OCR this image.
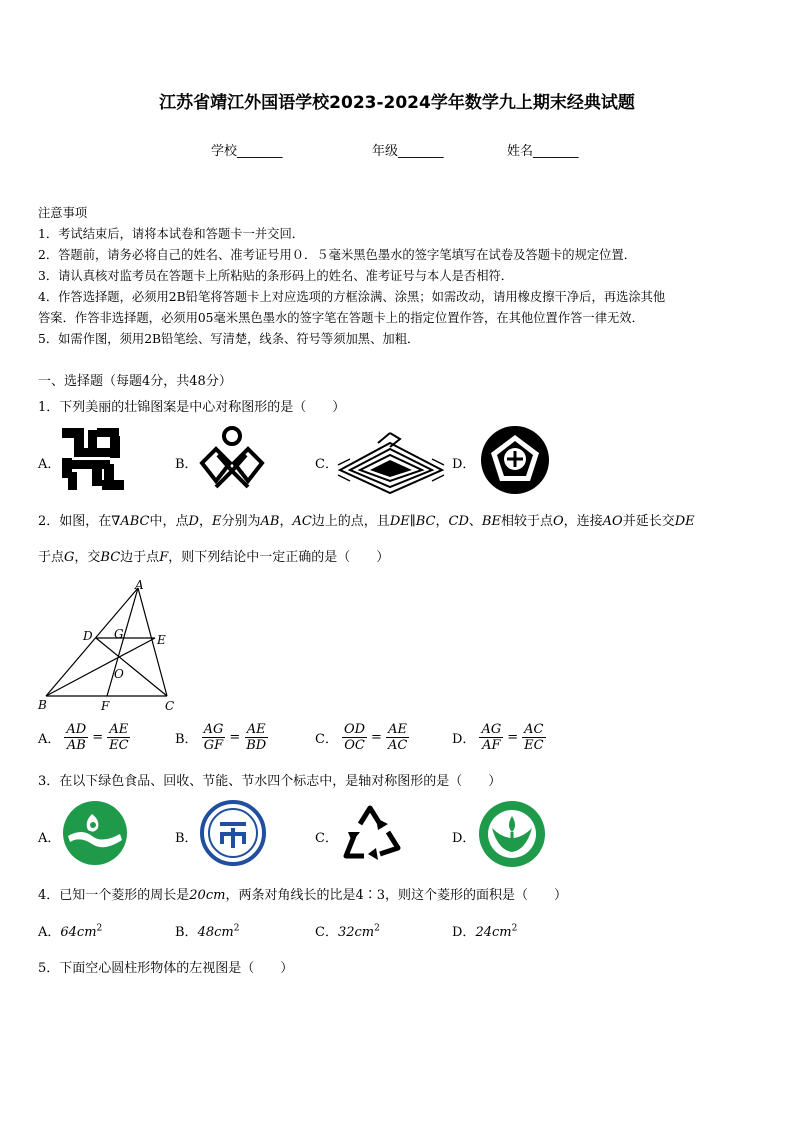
江苏省靖江外国语学校2023-2024学年数学九上期末经典试题
学校_______	年级_______	姓名_______
注意事项
1．考试结束后，请将本试卷和答题卡一并交回．
2．答题前，请务必将自己的姓名、准考证号用０．５毫米黑色墨水的签字笔填写在试卷及答题卡的规定位置．
3．请认真核对监考员在答题卡上所粘贴的条形码上的姓名、准考证号与本人是否相符．
4．作答选择题，必须用2B铅笔将答题卡上对应选项的方框涂满、涂黑；如需改动，请用橡皮擦干净后，再选涂其他
答案．作答非选择题，必须用05毫米黑色墨水的签字笔在答题卡上的指定位置作答，在其他位置作答一律无效．
5．如需作图，须用2B铅笔绘、写清楚，线条、符号等须加黑、加粗．
一、选择题（每题4分，共48分）
1．下列美丽的壮锦图案是中心对称图形的是（　　）
A．	B．	C．	D．
2．如图，在∇ABC中，点D，E分别为AB，AC边上的点，且DE∥BC，CD、BE相较于点O，连接AO并延长交DE
于点G，交BC边于点F，则下列结论中一定正确的是（　　）
A
B	C
D	E
F
G
O
A． $\frac{AD}{AB} = \frac{AE}{EC}$	B． $\frac{AG}{GF} = \frac{AE}{BD}$	C． $\frac{OD}{OC} = \frac{AE}{AC}$	D． $\frac{AG}{AF} = \frac{AC}{EC}$
3．在以下绿色食品、回收、节能、节水四个标志中，是轴对称图形的是（　　）
A．	B．	C．	D．
4．已知一个菱形的周长是20cm，两条对角线长的比是4∶3，则这个菱形的面积是（　　）
A．$64cm^2$	B．$48cm^2$	C．$32cm^2$	D．$24cm^2$
5．下面空心圆柱形物体的左视图是（　　）
